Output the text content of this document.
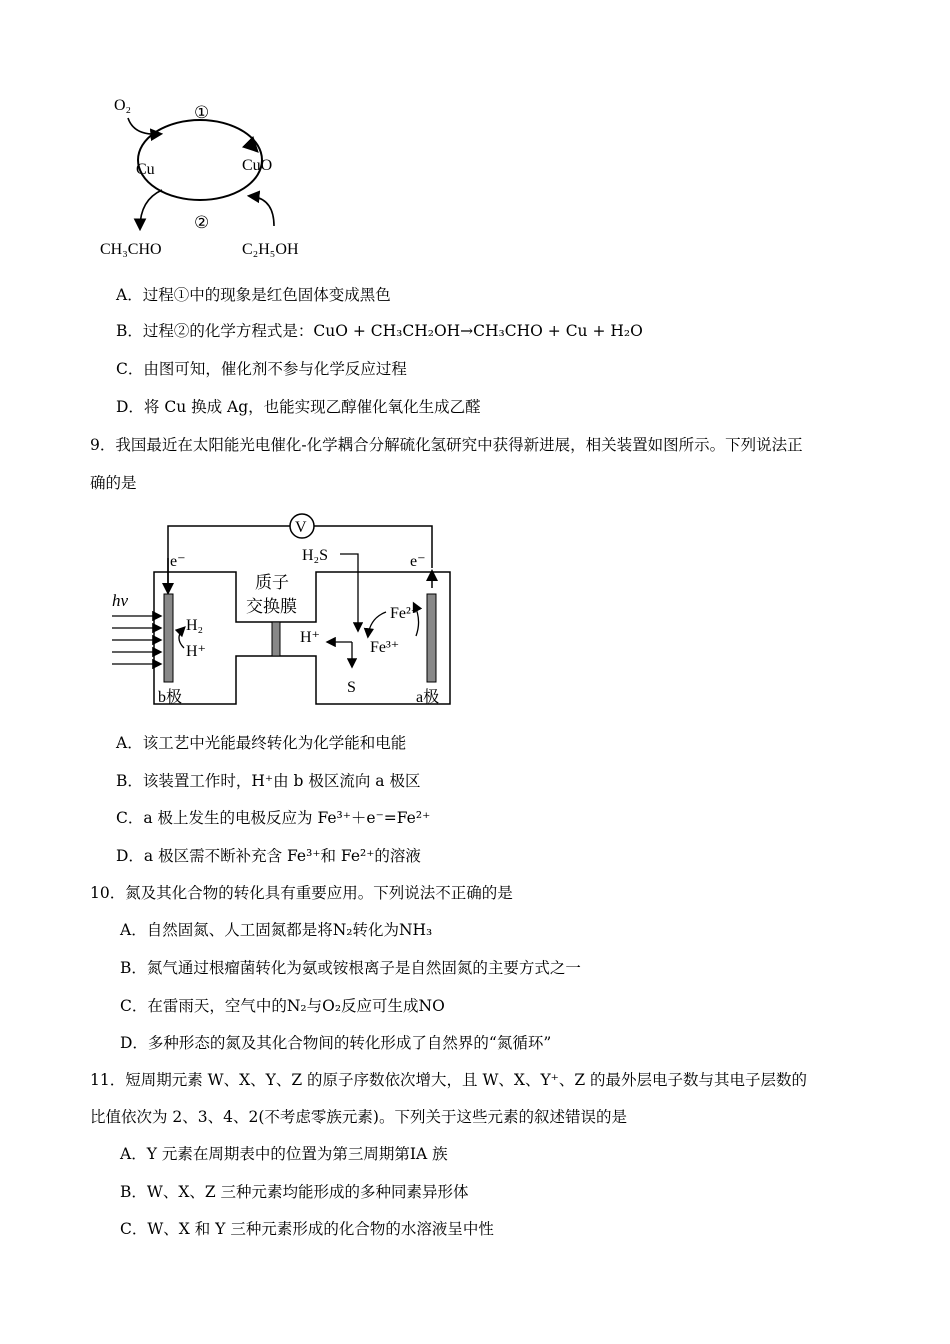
O₂	①
Cu	CuO
②
CH₃CHO	C₂H₅OH
A．过程①中的现象是红色固体变成黑色
B．过程②的化学方程式是：CuO + CH₃CH₂OH→CH₃CHO + Cu + H₂O
C．由图可知，催化剂不参与化学反应过程
D．将 Cu 换成 Ag，也能实现乙醇催化氧化生成乙醛
9．我国最近在太阳能光电催化-化学耦合分解硫化氢研究中获得新进展，相关装置如图所示。下列说法正
确的是
V
e⁻	e⁻
质子
交换膜
hv
H₂
H⁺
H₂S
H⁺
S
Fe²⁺
Fe³⁺
b极	a极
A．该工艺中光能最终转化为化学能和电能
B．该装置工作时，H⁺由 b 极区流向 a 极区
C．a 极上发生的电极反应为 Fe³⁺＋e⁻=Fe²⁺
D．a 极区需不断补充含 Fe³⁺和 Fe²⁺的溶液
10．氮及其化合物的转化具有重要应用。下列说法不正确的是
A．自然固氮、人工固氮都是将N₂转化为NH₃
B．氮气通过根瘤菌转化为氨或铵根离子是自然固氮的主要方式之一
C．在雷雨天，空气中的N₂与O₂反应可生成NO
D．多种形态的氮及其化合物间的转化形成了自然界的“氮循环”
11．短周期元素 W、X、Y、Z 的原子序数依次增大，且 W、X、Y⁺、Z 的最外层电子数与其电子层数的
比值依次为 2、3、4、2(不考虑零族元素)。下列关于这些元素的叙述错误的是
A．Y 元素在周期表中的位置为第三周期第IA 族
B．W、X、Z 三种元素均能形成的多种同素异形体
C．W、X 和 Y 三种元素形成的化合物的水溶液呈中性
